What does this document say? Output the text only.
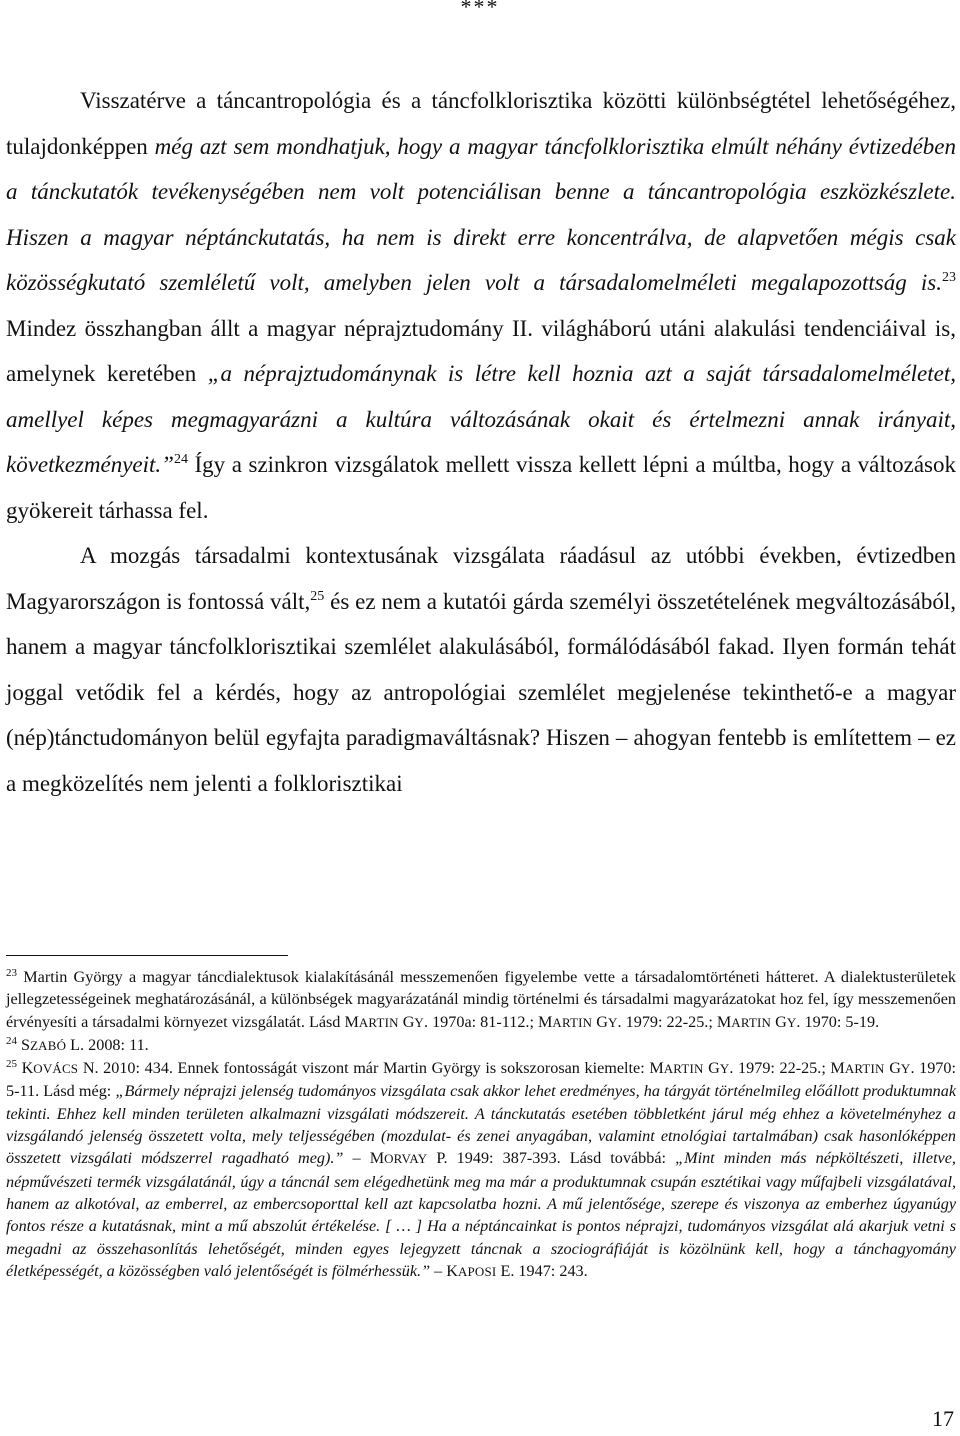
***

Visszatérve a táncantropológia és a táncfolklorisztika közötti különbségtétel lehetőségéhez, tulajdonképpen még azt sem mondhatjuk, hogy a magyar táncfolklorisztika elmúlt néhány évtizedében a tánckutatók tevékenységében nem volt potenciálisan benne a táncantropológia eszközkészlete. Hiszen a magyar néptánckutatás, ha nem is direkt erre koncentrálva, de alapvetően mégis csak közösségkutató szemléletű volt, amelyben jelen volt a társadalomelméleti megalapozottság is.$^{23}$ Mindez összhangban állt a magyar néprajztudomány II. világháború utáni alakulási tendenciáival is, amelynek keretében „a néprajztudománynak is létre kell hoznia azt a saját társadalomelméletet, amellyel képes megmagyarázni a kultúra változásának okait és értelmezni annak irányait, következményeit.”$^{24}$ Így a szinkron vizsgálatok mellett vissza kellett lépni a múltba, hogy a változások gyökereit tárhassa fel.

A mozgás társadalmi kontextusának vizsgálata ráadásul az utóbbi években, évtizedben Magyarországon is fontossá vált,$^{25}$ és ez nem a kutatói gárda személyi összetételének megváltozásából, hanem a magyar táncfolklorisztikai szemlélet alakulásából, formálódásából fakad. Ilyen formán tehát joggal vetődik fel a kérdés, hogy az antropológiai szemlélet megjelenése tekinthető-e a magyar (nép)tánctudományon belül egyfajta paradigmaváltásnak? Hiszen – ahogyan fentebb is említettem – ez a megközelítés nem jelenti a folklorisztikai

$^{23}$ Martin György a magyar táncdialektusok kialakításánál messzemenően figyelembe vette a társadalomtörténeti hátteret. A dialektusterületek jellegzetességeinek meghatározásánál, a különbségek magyarázatánál mindig történelmi és társadalmi magyarázatokat hoz fel, így messzemenően érvényesíti a társadalmi környezet vizsgálatát. Lásd MARTIN GY. 1970a: 81-112.; MARTIN GY. 1979: 22-25.; MARTIN GY. 1970: 5-19.

$^{24}$ SZABÓ L. 2008: 11.

$^{25}$ KOVÁCS N. 2010: 434. Ennek fontosságát viszont már Martin György is sokszorosan kiemelte: MARTIN GY. 1979: 22-25.; MARTIN GY. 1970: 5-11. Lásd még: „Bármely néprajzi jelenség tudományos vizsgálata csak akkor lehet eredményes, ha tárgyát történelmileg előállott produktumnak tekinti. Ehhez kell minden területen alkalmazni vizsgálati módszereit. A tánckutatás esetében többletként járul még ehhez a követelményhez a vizsgálandó jelenség összetett volta, mely teljességében (mozdulat- és zenei anyagában, valamint etnológiai tartalmában) csak hasonlóképpen összetett vizsgálati módszerrel ragadható meg).” – MORVAY P. 1949: 387-393. Lásd továbbá: „Mint minden más népköltészeti, illetve, népművészeti termék vizsgálatánál, úgy a táncnál sem elégedhetünk meg ma már a produktumnak csupán esztétikai vagy műfajbeli vizsgálatával, hanem az alkotóval, az emberrel, az embercsoporttal kell azt kapcsolatba hozni. A mű jelentősége, szerepe és viszonya az emberhez úgyanúgy fontos része a kutatásnak, mint a mű abszolút értékelése. [ … ] Ha a néptáncainkat is pontos néprajzi, tudományos vizsgálat alá akarjuk vetni s megadni az összehasonlítás lehetőségét, minden egyes lejegyzett táncnak a szociográfiáját is közölnünk kell, hogy a tánchagyomány életképességét, a közösségben való jelentőségét is fölmérhessük.” – KAPOSI E. 1947: 243.

17
